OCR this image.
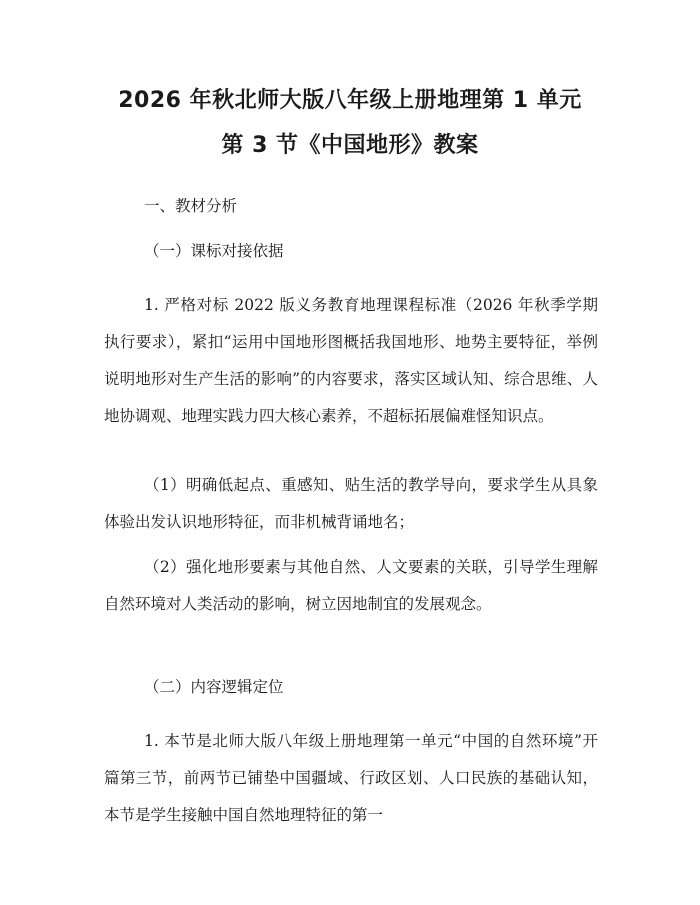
2026 年秋北师大版八年级上册地理第 1 单元
第 3 节《中国地形》教案

一、教材分析

（一）课标对接依据

1. 严格对标 2022 版义务教育地理课程标准（2026 年秋季学期执行要求），紧扣“运用中国地形图概括我国地形、地势主要特征，举例说明地形对生产生活的影响”的内容要求，落实区域认知、综合思维、人地协调观、地理实践力四大核心素养，不超标拓展偏难怪知识点。

（1）明确低起点、重感知、贴生活的教学导向，要求学生从具象体验出发认识地形特征，而非机械背诵地名；

（2）强化地形要素与其他自然、人文要素的关联，引导学生理解自然环境对人类活动的影响，树立因地制宜的发展观念。

（二）内容逻辑定位

1. 本节是北师大版八年级上册地理第一单元“中国的自然环境”开篇第三节，前两节已铺垫中国疆域、行政区划、人口民族的基础认知，本节是学生接触中国自然地理特征的第一
